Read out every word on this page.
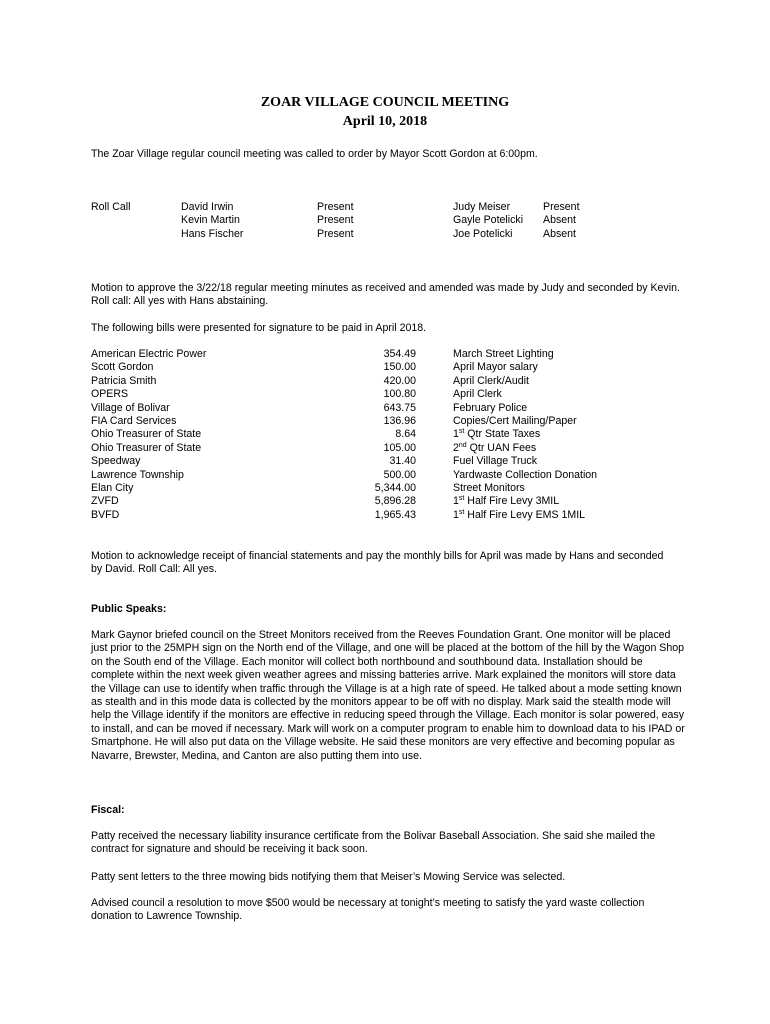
ZOAR VILLAGE COUNCIL MEETING
April 10, 2018
The Zoar Village regular council meeting was called to order by Mayor Scott Gordon at 6:00pm.
Roll Call	David Irwin
Kevin Martin
Hans Fischer
Present
Present
Present
Judy Meiser
Gayle Potelicki
Joe Potelicki
Present
Absent
Absent
Motion to approve the 3/22/18 regular meeting minutes as received and amended was made by Judy and seconded by Kevin. Roll call: All yes with Hans abstaining.
The following bills were presented for signature to be paid in April 2018.
American Electric Power
Scott Gordon
Patricia Smith
OPERS
Village of Bolivar
FIA Card Services
Ohio Treasurer of State
Ohio Treasurer of State
Speedway
Lawrence Township
Elan City
ZVFD
BVFD
354.49
150.00
420.00
100.80
643.75
136.96
8.64
105.00
31.40
500.00
5,344.00
5,896.28
1,965.43
March Street Lighting
April Mayor salary
April Clerk/Audit
April Clerk
February Police
Copies/Cert Mailing/Paper
1st Qtr State Taxes
2nd Qtr UAN Fees
Fuel Village Truck
Yardwaste Collection Donation
Street Monitors
1st Half Fire Levy 3MIL
1st Half Fire Levy EMS 1MIL
Motion to acknowledge receipt of financial statements and pay the monthly bills for April was made by Hans and seconded by David. Roll Call: All yes.
Public Speaks:
Mark Gaynor briefed council on the Street Monitors received from the Reeves Foundation Grant. One monitor will be placed just prior to the 25MPH sign on the North end of the Village, and one will be placed at the bottom of the hill by the Wagon Shop on the South end of the Village. Each monitor will collect both northbound and southbound data. Installation should be complete within the next week given weather agrees and missing batteries arrive. Mark explained the monitors will store data the Village can use to identify when traffic through the Village is at a high rate of speed. He talked about a mode setting known as stealth and in this mode data is collected by the monitors appear to be off with no display. Mark said the stealth mode will help the Village identify if the monitors are effective in reducing speed through the Village. Each monitor is solar powered, easy to install, and can be moved if necessary. Mark will work on a computer program to enable him to download data to his IPAD or Smartphone. He will also put data on the Village website. He said these monitors are very effective and becoming popular as Navarre, Brewster, Medina, and Canton are also putting them into use.
Fiscal:
Patty received the necessary liability insurance certificate from the Bolivar Baseball Association. She said she mailed the contract for signature and should be receiving it back soon.
Patty sent letters to the three mowing bids notifying them that Meiser’s Mowing Service was selected.
Advised council a resolution to move $500 would be necessary at tonight’s meeting to satisfy the yard waste collection donation to Lawrence Township.
